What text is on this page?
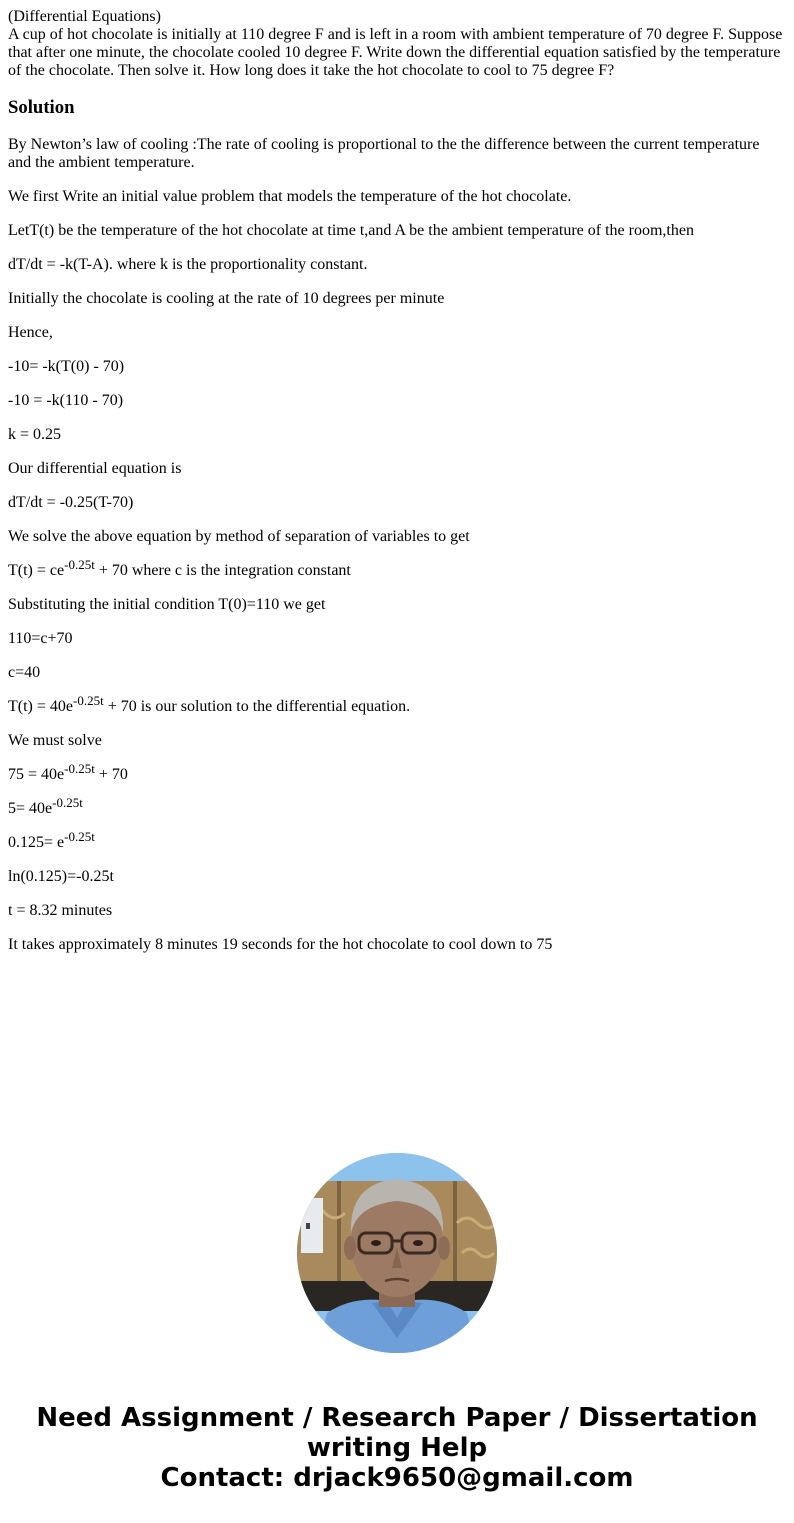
(Differential Equations)
A cup of hot chocolate is initially at 110 degree F and is left in a room with ambient temperature of 70 degree F. Suppose that after one minute, the chocolate cooled 10 degree F. Write down the differential equation satisfied by the temperature of the chocolate. Then solve it. How long does it take the hot chocolate to cool to 75 degree F?
Solution

By Newton’s law of cooling :The rate of cooling is proportional to the the difference between the current temperature and the ambient temperature.

We first Write an initial value problem that models the temperature of the hot chocolate.

LetT(t) be the temperature of the hot chocolate at time t,and A be the ambient temperature of the room,then

dT/dt = -k(T-A). where k is the proportionality constant.

Initially the chocolate is cooling at the rate of 10 degrees per minute

Hence,

-10= -k(T(0) - 70)

-10 = -k(110 - 70)

k = 0.25

Our differential equation is

dT/dt = -0.25(T-70)

We solve the above equation by method of separation of variables to get

$T(t) = ce^{-0.25t} + 70$ where c is the integration constant

Substituting the initial condition T(0)=110 we get

110=c+70

c=40

$T(t) = 40e^{-0.25t} + 70$ is our solution to the differential equation.

We must solve

$75 = 40e^{-0.25t} + 70$

$5= 40e^{-0.25t}$

$0.125= e^{-0.25t}$

ln(0.125)=-0.25t

t = 8.32 minutes

It takes approximately 8 minutes 19 seconds for the hot chocolate to cool down to 75

Need Assignment / Research Paper / Dissertation
writing Help
Contact: drjack9650@gmail.com
